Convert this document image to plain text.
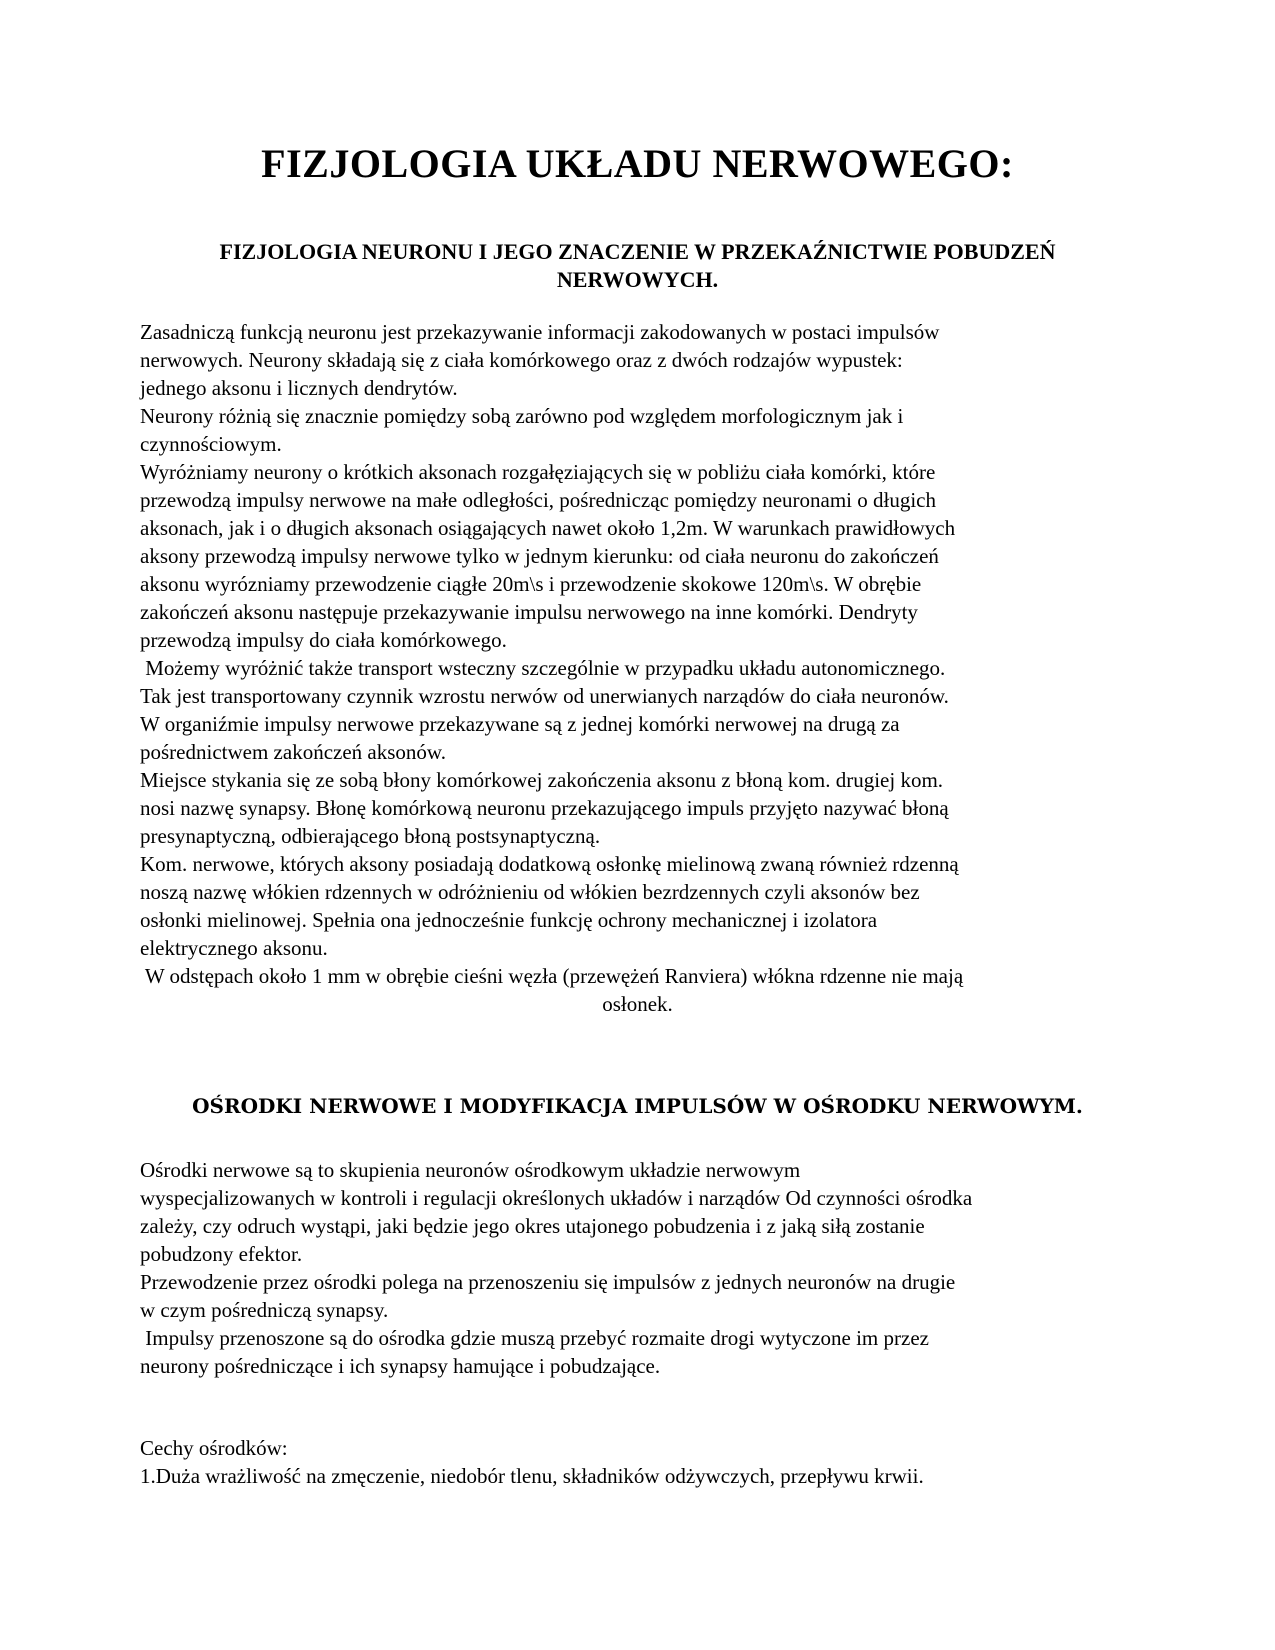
FIZJOLOGIA UKŁADU NERWOWEGO:
FIZJOLOGIA NEURONU I JEGO ZNACZENIE W PRZEKAŹNICTWIE POBUDZEŃ NERWOWYCH.
Zasadniczą funkcją neuronu jest przekazywanie informacji zakodowanych w postaci impulsów
nerwowych. Neurony składają się z ciała komórkowego oraz z dwóch rodzajów wypustek:
jednego aksonu i licznych dendrytów.
Neurony różnią się znacznie pomiędzy sobą zarówno pod względem morfologicznym jak i
czynnościowym.
Wyróżniamy neurony o krótkich aksonach rozgałęziających się w pobliżu ciała komórki, które
przewodzą impulsy nerwowe na małe odległości, pośrednicząc pomiędzy neuronami o długich
aksonach, jak i o długich aksonach osiągających nawet około 1,2m. W warunkach prawidłowych
aksony przewodzą impulsy nerwowe tylko w jednym kierunku: od ciała neuronu do zakończeń
aksonu wyrózniamy przewodzenie ciągłe 20m\s i przewodzenie skokowe 120m\s. W obrębie
zakończeń aksonu następuje przekazywanie impulsu nerwowego na inne komórki. Dendryty
przewodzą impulsy do ciała komórkowego.
Możemy wyróżnić także transport wsteczny szczególnie w przypadku układu autonomicznego.
Tak jest transportowany czynnik wzrostu nerwów od unerwianych narządów do ciała neuronów.
W organiźmie impulsy nerwowe przekazywane są z jednej komórki nerwowej na drugą za
pośrednictwem zakończeń aksonów.
Miejsce stykania się ze sobą błony komórkowej zakończenia aksonu z błoną kom. drugiej kom.
nosi nazwę synapsy. Błonę komórkową neuronu przekazującego impuls przyjęto nazywać błoną
presynaptyczną, odbierającego błoną postsynaptyczną.
Kom. nerwowe, których aksony posiadają dodatkową osłonkę mielinową zwaną również rdzenną
noszą nazwę włókien rdzennych w odróżnieniu od włókien bezrdzennych czyli aksonów bez
osłonki mielinowej. Spełnia ona jednocześnie funkcję ochrony mechanicznej i izolatora
elektrycznego aksonu.
W odstępach około 1 mm w obrębie cieśni węzła (przewężeń Ranviera) włókna rdzenne nie mają
osłonek.
OŚRODKI NERWOWE I MODYFIKACJA IMPULSÓW W OŚRODKU NERWOWYM.
Ośrodki nerwowe są to skupienia neuronów ośrodkowym układzie nerwowym
wyspecjalizowanych w kontroli i regulacji określonych układów i narządów Od czynności ośrodka
zależy, czy odruch wystąpi, jaki będzie jego okres utajonego pobudzenia i z jaką siłą zostanie
pobudzony efektor.
Przewodzenie przez ośrodki polega na przenoszeniu się impulsów z jednych neuronów na drugie
w czym pośredniczą synapsy.
Impulsy przenoszone są do ośrodka gdzie muszą przebyć rozmaite drogi wytyczone im przez
neurony pośredniczące i ich synapsy hamujące i pobudzające.
Cechy ośrodków:
1.Duża wrażliwość na zmęczenie, niedobór tlenu, składników odżywczych, przepływu krwii.
